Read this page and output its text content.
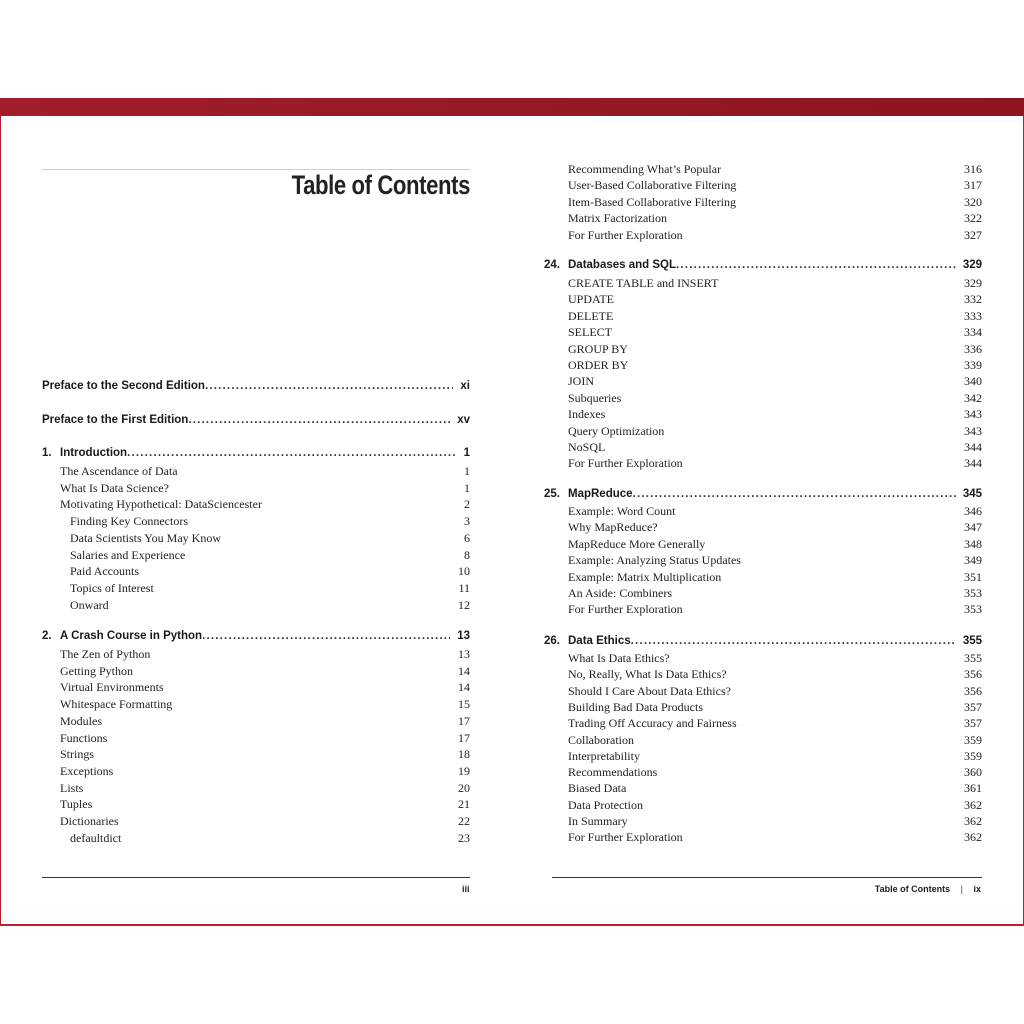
Table of Contents
Preface to the Second Edition .....	xi
Preface to the First Edition .....	xv
1. Introduction .....	1
The Ascendance of Data	1
What Is Data Science?	1
Motivating Hypothetical: DataSciencester	2
Finding Key Connectors	3
Data Scientists You May Know	6
Salaries and Experience	8
Paid Accounts	10
Topics of Interest	11
Onward	12
2. A Crash Course in Python .....	13
The Zen of Python	13
Getting Python	14
Virtual Environments	14
Whitespace Formatting	15
Modules	17
Functions	17
Strings	18
Exceptions	19
Lists	20
Tuples	21
Dictionaries	22
defaultdict	23
iii
Recommending What’s Popular	316
User-Based Collaborative Filtering	317
Item-Based Collaborative Filtering	320
Matrix Factorization	322
For Further Exploration	327
24. Databases and SQL .....	329
CREATE TABLE and INSERT	329
UPDATE	332
DELETE	333
SELECT	334
GROUP BY	336
ORDER BY	339
JOIN	340
Subqueries	342
Indexes	343
Query Optimization	343
NoSQL	344
For Further Exploration	344
25. MapReduce .....	345
Example: Word Count	346
Why MapReduce?	347
MapReduce More Generally	348
Example: Analyzing Status Updates	349
Example: Matrix Multiplication	351
An Aside: Combiners	353
For Further Exploration	353
26. Data Ethics .....	355
What Is Data Ethics?	355
No, Really, What Is Data Ethics?	356
Should I Care About Data Ethics?	356
Building Bad Data Products	357
Trading Off Accuracy and Fairness	357
Collaboration	359
Interpretability	359
Recommendations	360
Biased Data	361
Data Protection	362
In Summary	362
For Further Exploration	362
Table of Contents | ix
